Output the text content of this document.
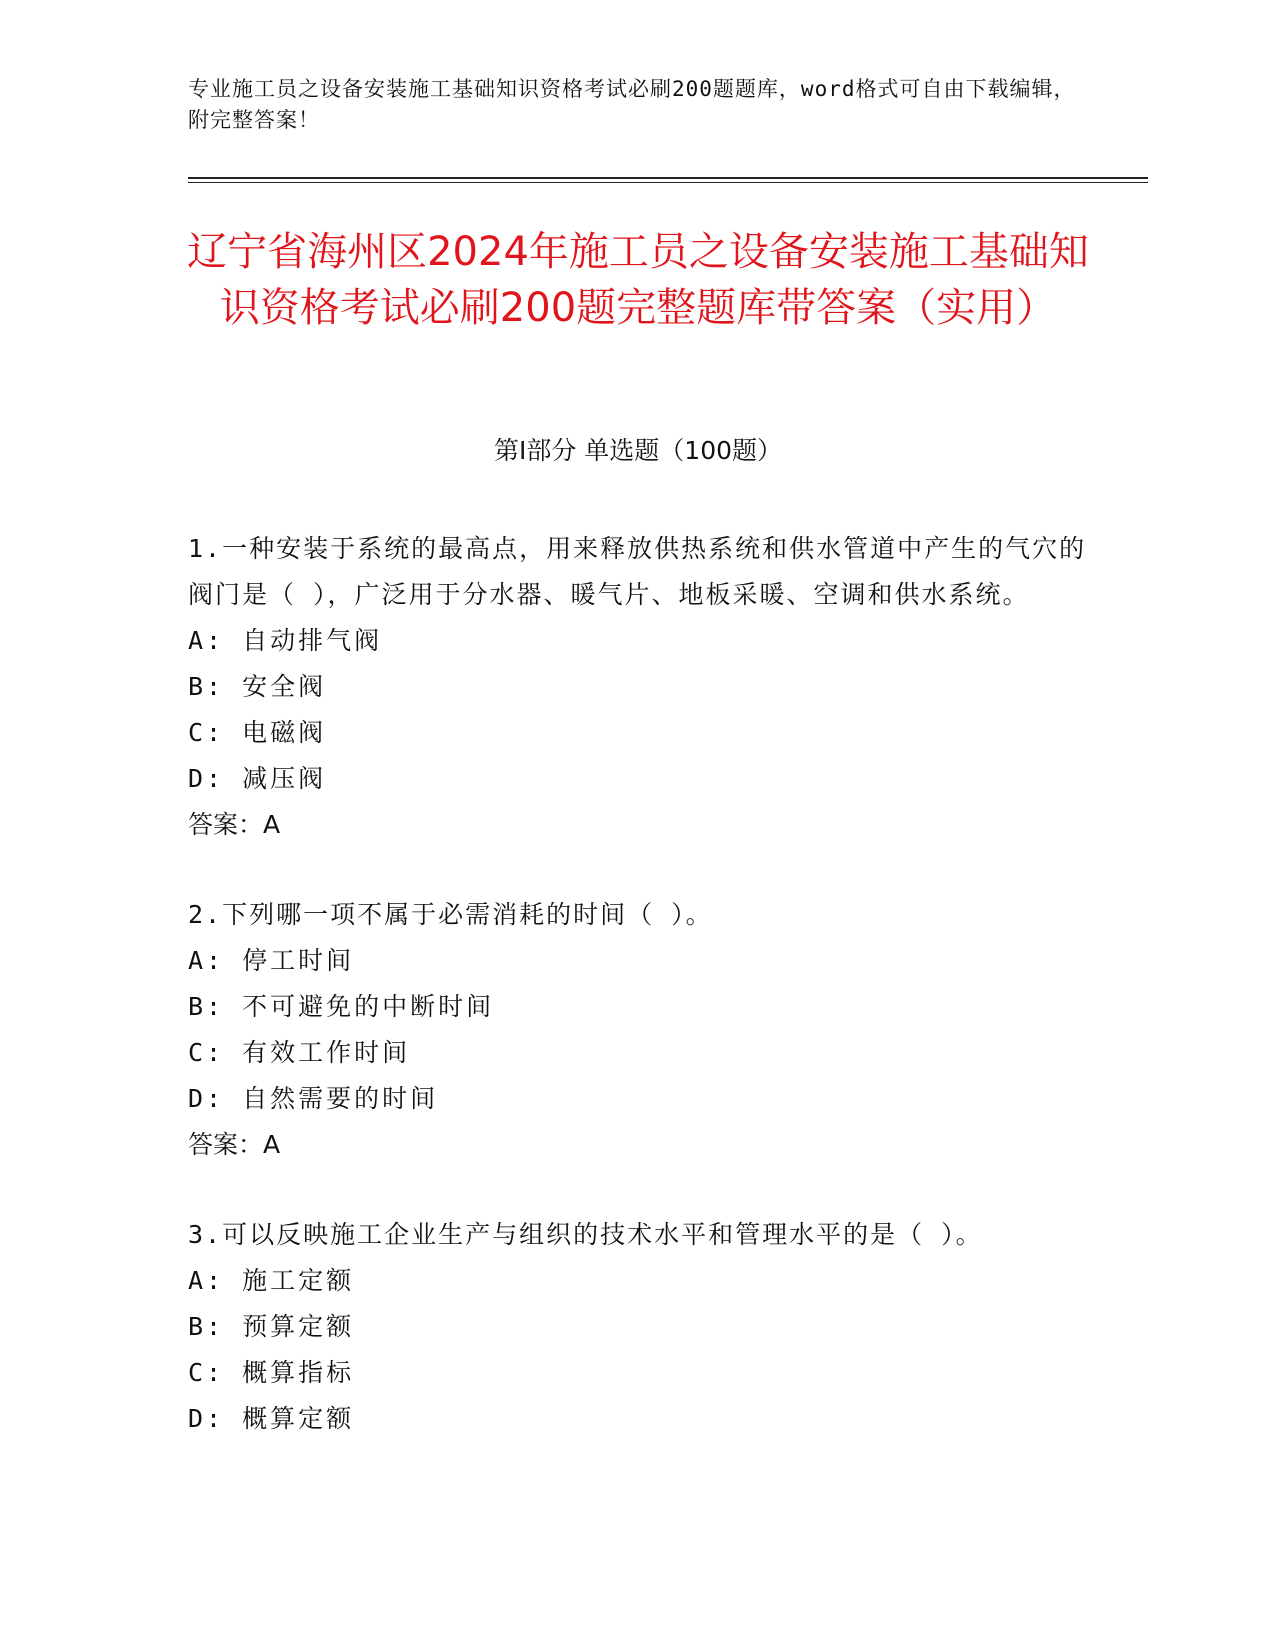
专业施工员之设备安装施工基础知识资格考试必刷200题题库，word格式可自由下载编辑，附完整答案！
辽宁省海州区2024年施工员之设备安装施工基础知识资格考试必刷200题完整题库带答案（实用）
第I部分 单选题（100题）
1.一种安装于系统的最高点，用来释放供热系统和供水管道中产生的气穴的阀门是（ ），广泛用于分水器、暖气片、地板采暖、空调和供水系统。
A: 自动排气阀
B: 安全阀
C: 电磁阀
D: 减压阀
答案：A
2.下列哪一项不属于必需消耗的时间（ ）。
A: 停工时间
B: 不可避免的中断时间
C: 有效工作时间
D: 自然需要的时间
答案：A
3.可以反映施工企业生产与组织的技术水平和管理水平的是（ ）。
A: 施工定额
B: 预算定额
C: 概算指标
D: 概算定额
